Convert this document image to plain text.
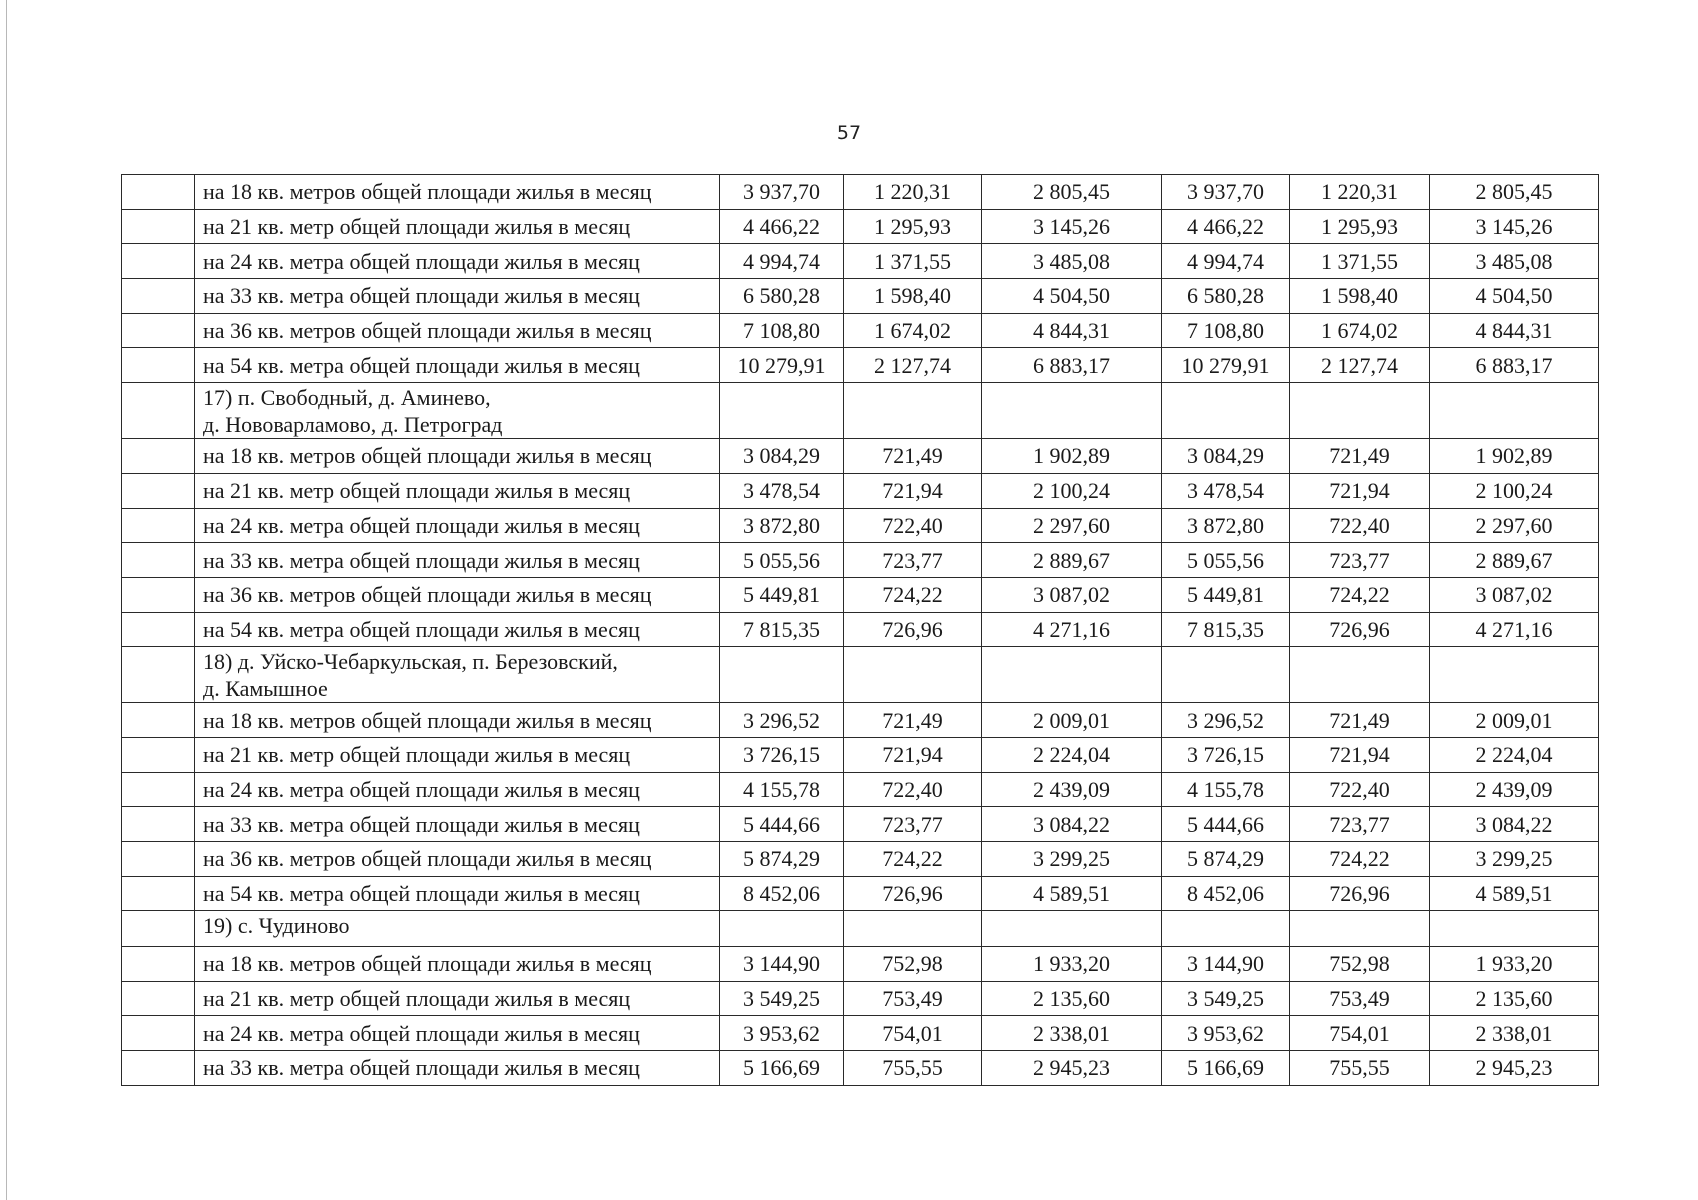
57
	на 18 кв. метров общей площади жилья в месяц	3 937,70	1 220,31	2 805,45	3 937,70	1 220,31	2 805,45
	на 21 кв. метр общей площади жилья в месяц	4 466,22	1 295,93	3 145,26	4 466,22	1 295,93	3 145,26
	на 24 кв. метра общей площади жилья в месяц	4 994,74	1 371,55	3 485,08	4 994,74	1 371,55	3 485,08
	на 33 кв. метра общей площади жилья в месяц	6 580,28	1 598,40	4 504,50	6 580,28	1 598,40	4 504,50
	на 36 кв. метров общей площади жилья в месяц	7 108,80	1 674,02	4 844,31	7 108,80	1 674,02	4 844,31
	на 54 кв. метра общей площади жилья в месяц	10 279,91	2 127,74	6 883,17	10 279,91	2 127,74	6 883,17

	17) п. Свободный, д. Аминево,
д. Нововарламово, д. Петроград						

	на 18 кв. метров общей площади жилья в месяц	3 084,29	721,49	1 902,89	3 084,29	721,49	1 902,89
	на 21 кв. метр общей площади жилья в месяц	3 478,54	721,94	2 100,24	3 478,54	721,94	2 100,24
	на 24 кв. метра общей площади жилья в месяц	3 872,80	722,40	2 297,60	3 872,80	722,40	2 297,60
	на 33 кв. метра общей площади жилья в месяц	5 055,56	723,77	2 889,67	5 055,56	723,77	2 889,67
	на 36 кв. метров общей площади жилья в месяц	5 449,81	724,22	3 087,02	5 449,81	724,22	3 087,02
	на 54 кв. метра общей площади жилья в месяц	7 815,35	726,96	4 271,16	7 815,35	726,96	4 271,16

	18) д. Уйско-Чебаркульская, п. Березовский,
д. Камышное						

	на 18 кв. метров общей площади жилья в месяц	3 296,52	721,49	2 009,01	3 296,52	721,49	2 009,01
	на 21 кв. метр общей площади жилья в месяц	3 726,15	721,94	2 224,04	3 726,15	721,94	2 224,04
	на 24 кв. метра общей площади жилья в месяц	4 155,78	722,40	2 439,09	4 155,78	722,40	2 439,09
	на 33 кв. метра общей площади жилья в месяц	5 444,66	723,77	3 084,22	5 444,66	723,77	3 084,22
	на 36 кв. метров общей площади жилья в месяц	5 874,29	724,22	3 299,25	5 874,29	724,22	3 299,25
	на 54 кв. метра общей площади жилья в месяц	8 452,06	726,96	4 589,51	8 452,06	726,96	4 589,51

	19) с. Чудиново						

	на 18 кв. метров общей площади жилья в месяц	3 144,90	752,98	1 933,20	3 144,90	752,98	1 933,20
	на 21 кв. метр общей площади жилья в месяц	3 549,25	753,49	2 135,60	3 549,25	753,49	2 135,60
	на 24 кв. метра общей площади жилья в месяц	3 953,62	754,01	2 338,01	3 953,62	754,01	2 338,01
	на 33 кв. метра общей площади жилья в месяц	5 166,69	755,55	2 945,23	5 166,69	755,55	2 945,23
